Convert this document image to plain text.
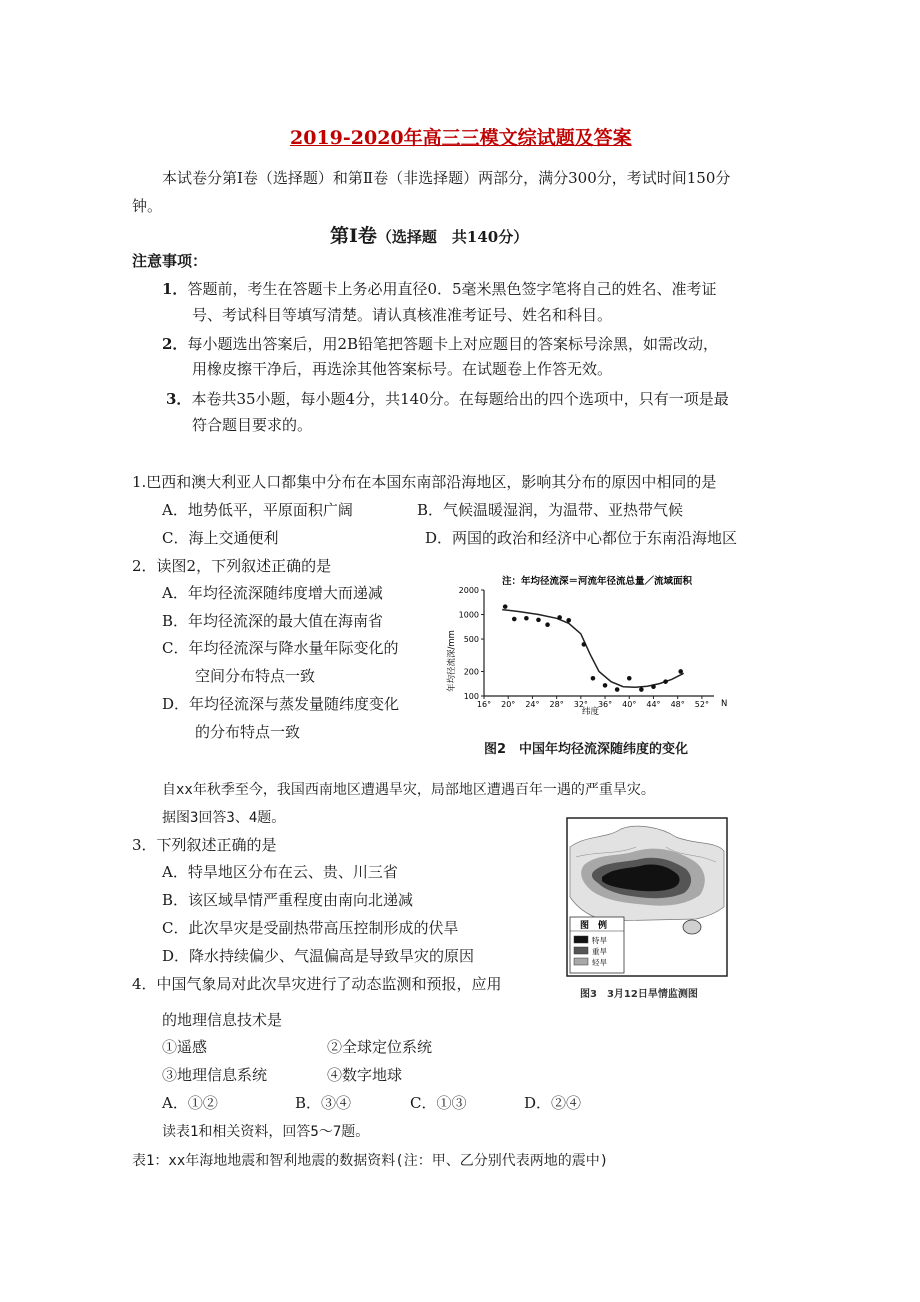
2019-2020年高三三模文综试题及答案
本试卷分第Ⅰ卷（选择题）和第Ⅱ卷（非选择题）两部分，满分300分，考试时间150分
钟。
第Ⅰ卷（选择题　共140分）
注意事项：
1．答题前，考生在答题卡上务必用直径0．5毫米黑色签字笔将自己的姓名、准考证
号、考试科目等填写清楚。请认真核准准考证号、姓名和科目。
2．每小题选出答案后，用2B铅笔把答题卡上对应题目的答案标号涂黑，如需改动，
用橡皮擦干净后，再选涂其他答案标号。在试题卷上作答无效。
3．本卷共35小题，每小题4分，共140分。在每题给出的四个选项中，只有一项是最
符合题目要求的。
1.巴西和澳大利亚人口都集中分布在本国东南部沿海地区，影响其分布的原因中相同的是
A．地势低平，平原面积广阔	B．气候温暖湿润，为温带、亚热带气候
C．海上交通便利	D．两国的政治和经济中心都位于东南沿海地区
2．读图2，下列叙述正确的是
A．年均径流深随纬度增大而递减
B．年均径流深的最大值在海南省
C．年均径流深与降水量年际变化的
空间分布特点一致
D．年均径流深与蒸发量随纬度变化
的分布特点一致
100
200
500
1000
2000
16° 20° 24° 28° 32° 36° 40° 44° 48° 52°
注：年均径流深＝河流年径流总量／流域面积
年均径流深/mm
纬度
N
图2　中国年均径流深随纬度的变化
自xx年秋季至今，我国西南地区遭遇旱灾，局部地区遭遇百年一遇的严重旱灾。
据图3回答3、4题。
3．下列叙述正确的是
A．特旱地区分布在云、贵、川三省
B．该区域旱情严重程度由南向北递减
C．此次旱灾是受副热带高压控制形成的伏旱
D．降水持续偏少、气温偏高是导致旱灾的原因
图　例
特旱
重旱
轻旱
图3　3月12日旱情监测图
4．中国气象局对此次旱灾进行了动态监测和预报，应用
的地理信息技术是
①遥感	②全球定位系统
③地理信息系统	④数字地球
A．①②	B．③④	C．①③	D．②④
读表1和相关资料，回答5～7题。
表1：xx年海地地震和智利地震的数据资料(注：甲、乙分别代表两地的震中)
